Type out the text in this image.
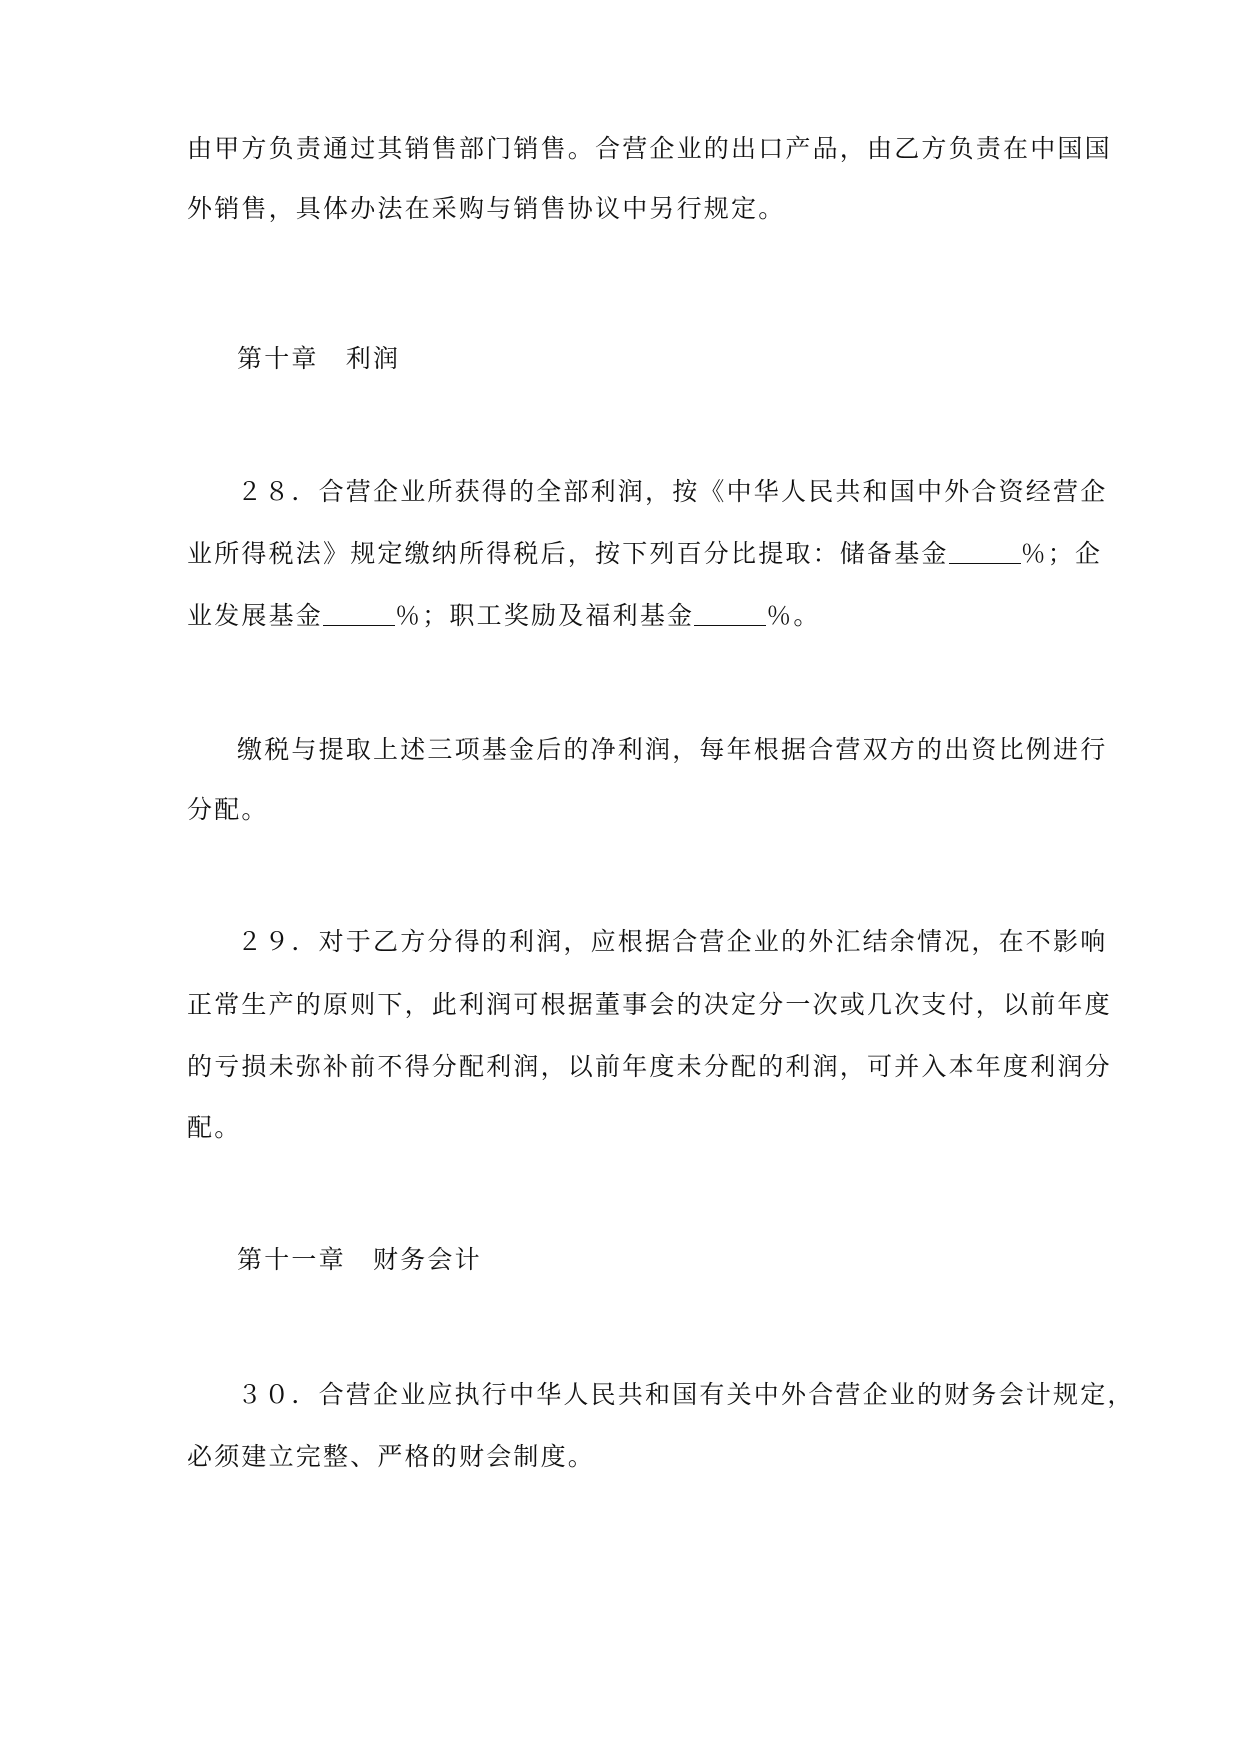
由甲方负责通过其销售部门销售。合营企业的出口产品，由乙方负责在中国国
外销售，具体办法在采购与销售协议中另行规定。
第十章　利润
２８．合营企业所获得的全部利润，按《中华人民共和国中外合资经营企
业所得税法》规定缴纳所得税后，按下列百分比提取：储备基金	％；企
业发展基金	％；职工奖励及福利基金	％。
缴税与提取上述三项基金后的净利润，每年根据合营双方的出资比例进行
分配。
２９．对于乙方分得的利润，应根据合营企业的外汇结余情况，在不影响
正常生产的原则下，此利润可根据董事会的决定分一次或几次支付，以前年度
的亏损未弥补前不得分配利润，以前年度未分配的利润，可并入本年度利润分
配。
第十一章　财务会计
３０．合营企业应执行中华人民共和国有关中外合营企业的财务会计规定，
必须建立完整、严格的财会制度。
